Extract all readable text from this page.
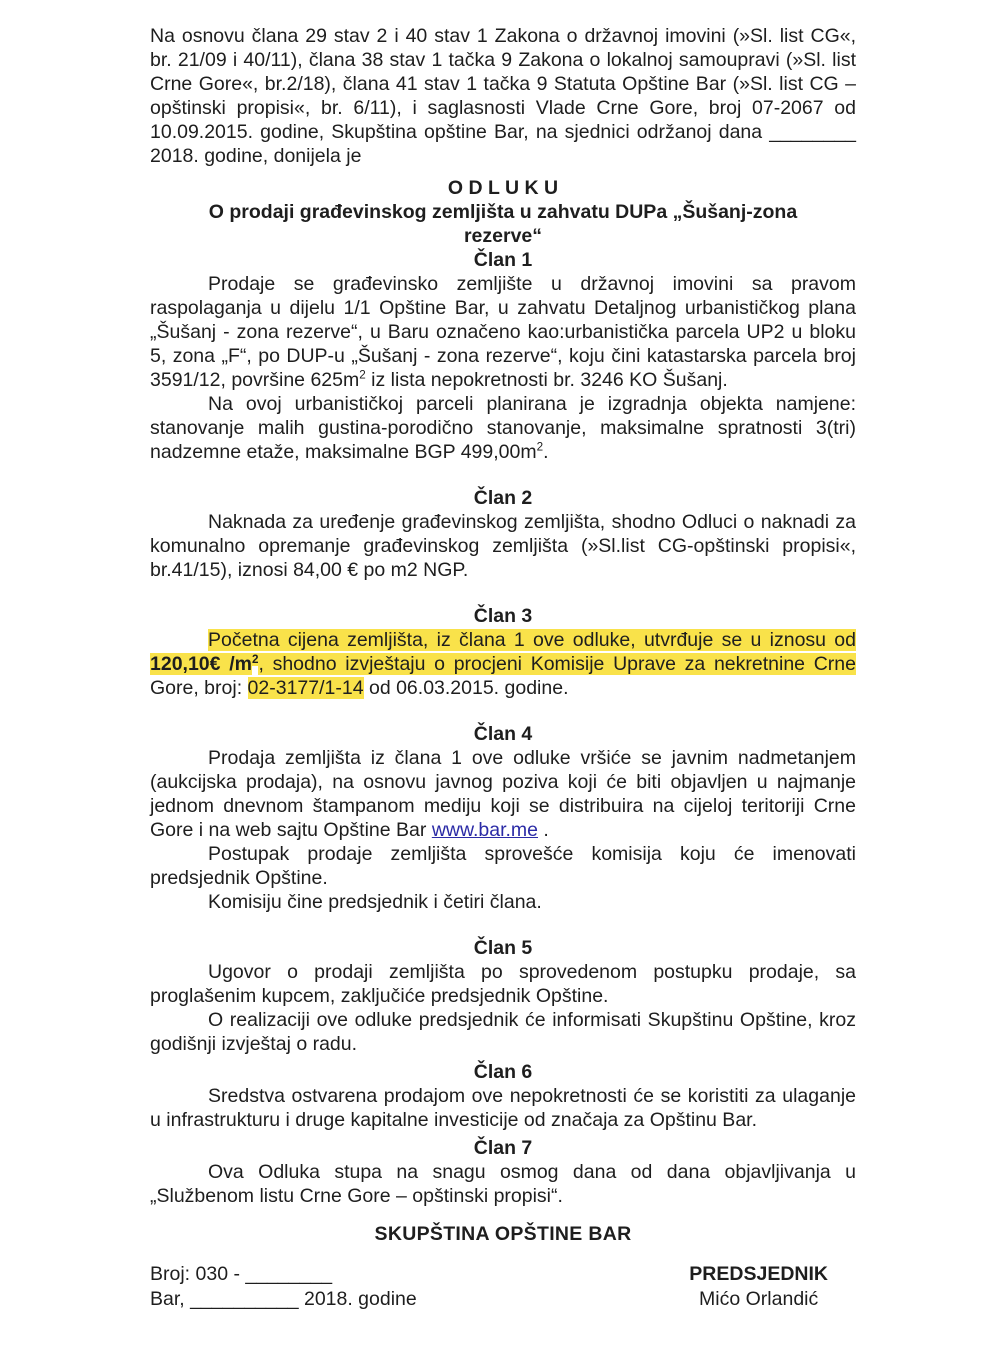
Na osnovu člana 29 stav 2 i 40 stav 1 Zakona o državnoj imovini (»Sl. list CG«, br. 21/09 i 40/11), člana 38 stav 1 tačka 9 Zakona o lokalnoj samoupravi (»Sl. list Crne Gore«, br.2/18), člana 41 stav 1 tačka 9 Statuta Opštine Bar (»Sl. list CG – opštinski propisi«, br. 6/11), i saglasnosti Vlade Crne Gore, broj 07-2067 od 10.09.2015. godine, Skupština opštine Bar, na sjednici održanoj dana ________ 2018. godine, donijela je

O D L U K U
O prodaji građevinskog zemljišta u zahvatu DUPa „Šušanj-zona rezerve“
Član 1

Prodaje se građevinsko zemljište u državnoj imovini sa pravom raspolaganja u dijelu 1/1 Opštine Bar, u zahvatu Detaljnog urbanističkog plana „Šušanj - zona rezerve“, u Baru označeno kao:urbanistička parcela UP2 u bloku 5, zona „F“, po DUP-u „Šušanj - zona rezerve“, koju čini katastarska parcela broj 3591/12, površine $625m^2$ iz lista nepokretnosti br. 3246 KO Šušanj.

Na ovoj urbanističkoj parceli planirana je izgradnja objekta namjene: stanovanje malih gustina-porodično stanovanje, maksimalne spratnosti 3(tri) nadzemne etaže, maksimalne BGP $499,00m^2$.

Član 2

Naknada za uređenje građevinskog zemljišta, shodno Odluci o naknadi za komunalno opremanje građevinskog zemljišta (»Sl.list CG-opštinski propisi«, br.41/15), iznosi 84,00 € po m2 NGP.

Član 3

Početna cijena zemljišta, iz člana 1 ove odluke, utvrđuje se u iznosu od 120,10€ $/m^2$, shodno izvještaju o procjeni Komisije Uprave za nekretnine Crne Gore, broj: 02-3177/1-14 od 06.03.2015. godine.

Član 4

Prodaja zemljišta iz člana 1 ove odluke vršiće se javnim nadmetanjem (aukcijska prodaja), na osnovu javnog poziva koji će biti objavljen u najmanje jednom dnevnom štampanom mediju koji se distribuira na cijeloj teritoriji Crne Gore i na web sajtu Opštine Bar www.bar.me .

Postupak prodaje zemljišta sprovešće komisija koju će imenovati predsjednik Opštine.

Komisiju čine predsjednik i četiri člana.

Član 5

Ugovor o prodaji zemljišta po sprovedenom postupku prodaje, sa proglašenim kupcem, zaključiće predsjednik Opštine.

O realizaciji ove odluke predsjednik će informisati Skupštinu Opštine, kroz godišnji izvještaj o radu.

Član 6

Sredstva ostvarena prodajom ove nepokretnosti će se koristiti za ulaganje u infrastrukturu i druge kapitalne investicije od značaja za Opštinu Bar.

Član 7

Ova Odluka stupa na snagu osmog dana od dana objavljivanja u „Službenom listu Crne Gore – opštinski propisi“.

SKUPŠTINA OPŠTINE BAR
Broj: 030 - ________
Bar, __________ 2018. godine
PREDSJEDNIK
Mićo Orlandić
